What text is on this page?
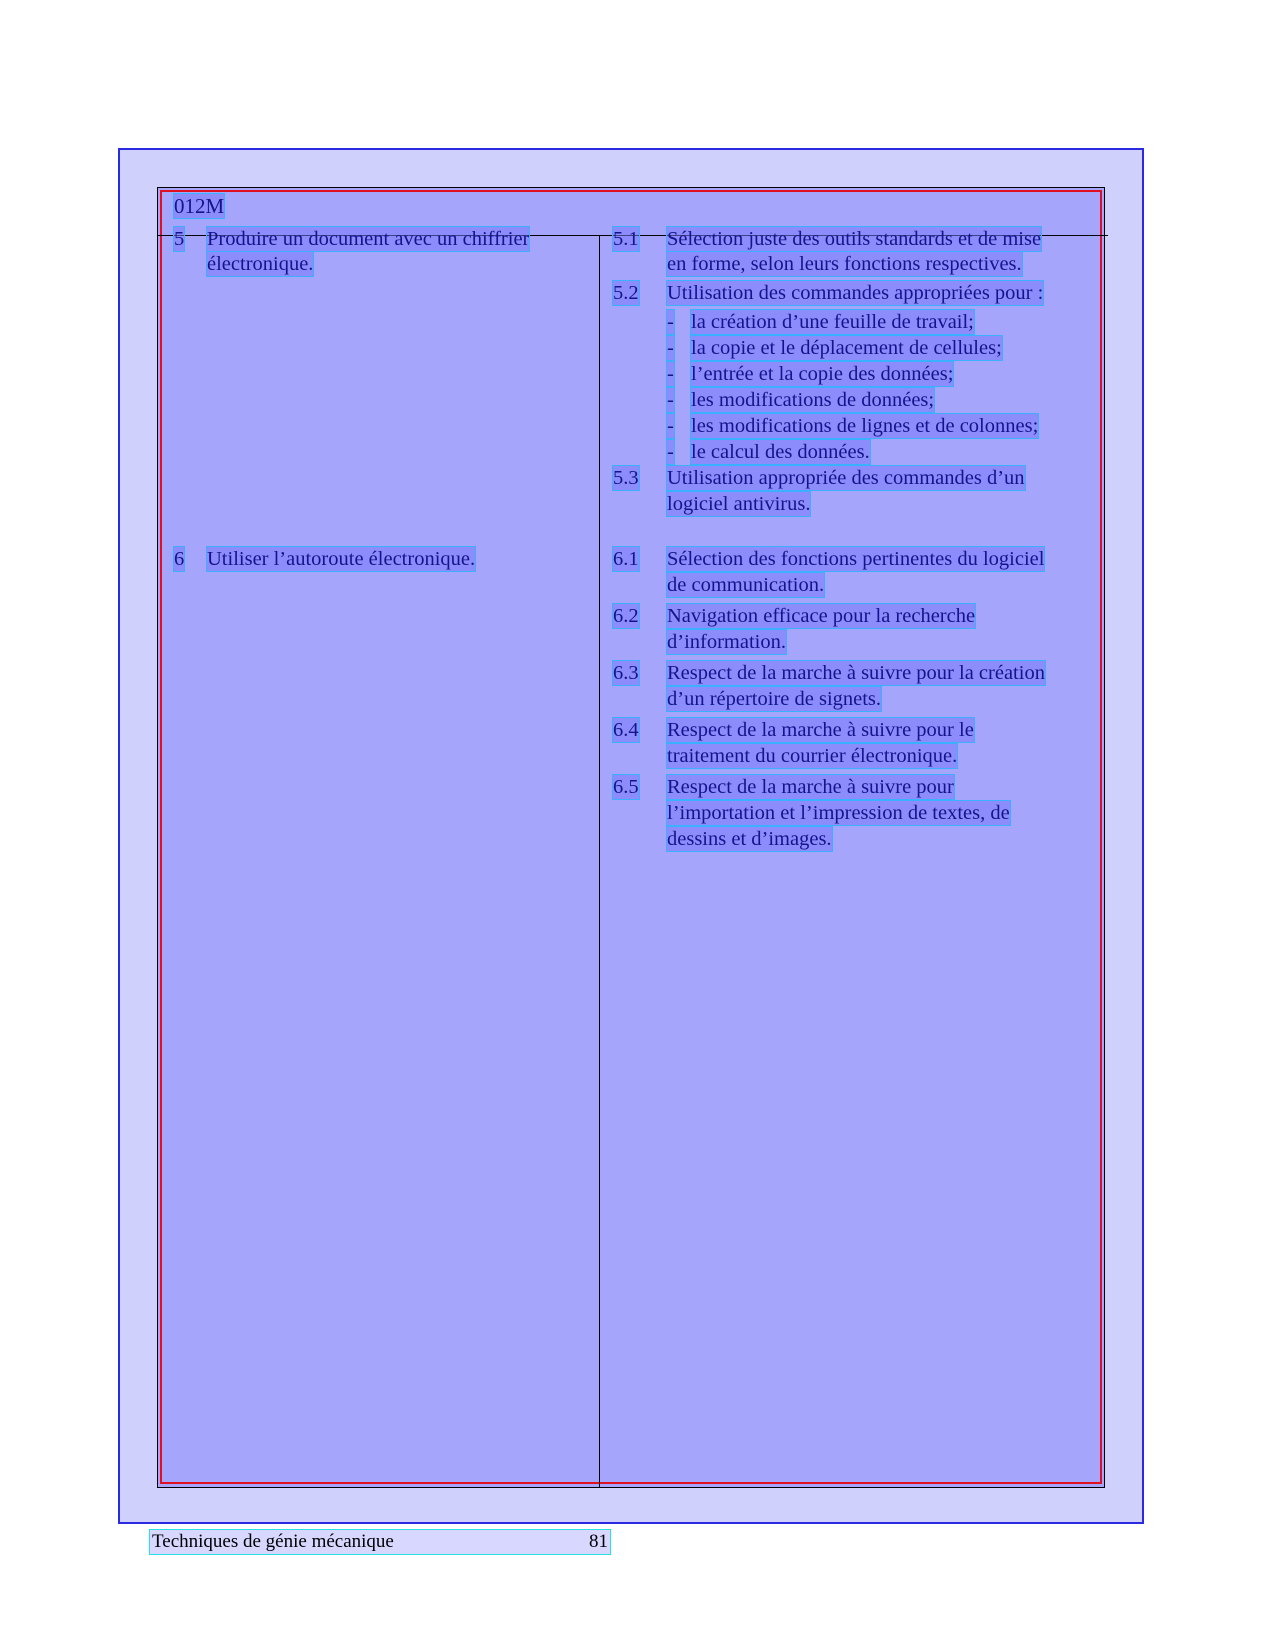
012M
5 Produire un document avec un chiffrier
électronique.
5.1 Sélection juste des outils standards et de mise
en forme, selon leurs fonctions respectives.
5.2 Utilisation des commandes appropriées pour :
- la création d’une feuille de travail;
- la copie et le déplacement de cellules;
- l’entrée et la copie des données;
- les modifications de données;
- les modifications de lignes et de colonnes;
- le calcul des données.
5.3 Utilisation appropriée des commandes d’un
logiciel antivirus.
6 Utiliser l’autoroute électronique.	6.1 Sélection des fonctions pertinentes du logiciel
de communication.
6.2 Navigation efficace pour la recherche
d’information.
6.3 Respect de la marche à suivre pour la création
d’un répertoire de signets.
6.4 Respect de la marche à suivre pour le
traitement du courrier électronique.
6.5 Respect de la marche à suivre pour
l’importation et l’impression de textes, de
dessins et d’images.
Techniques de génie mécanique	81
